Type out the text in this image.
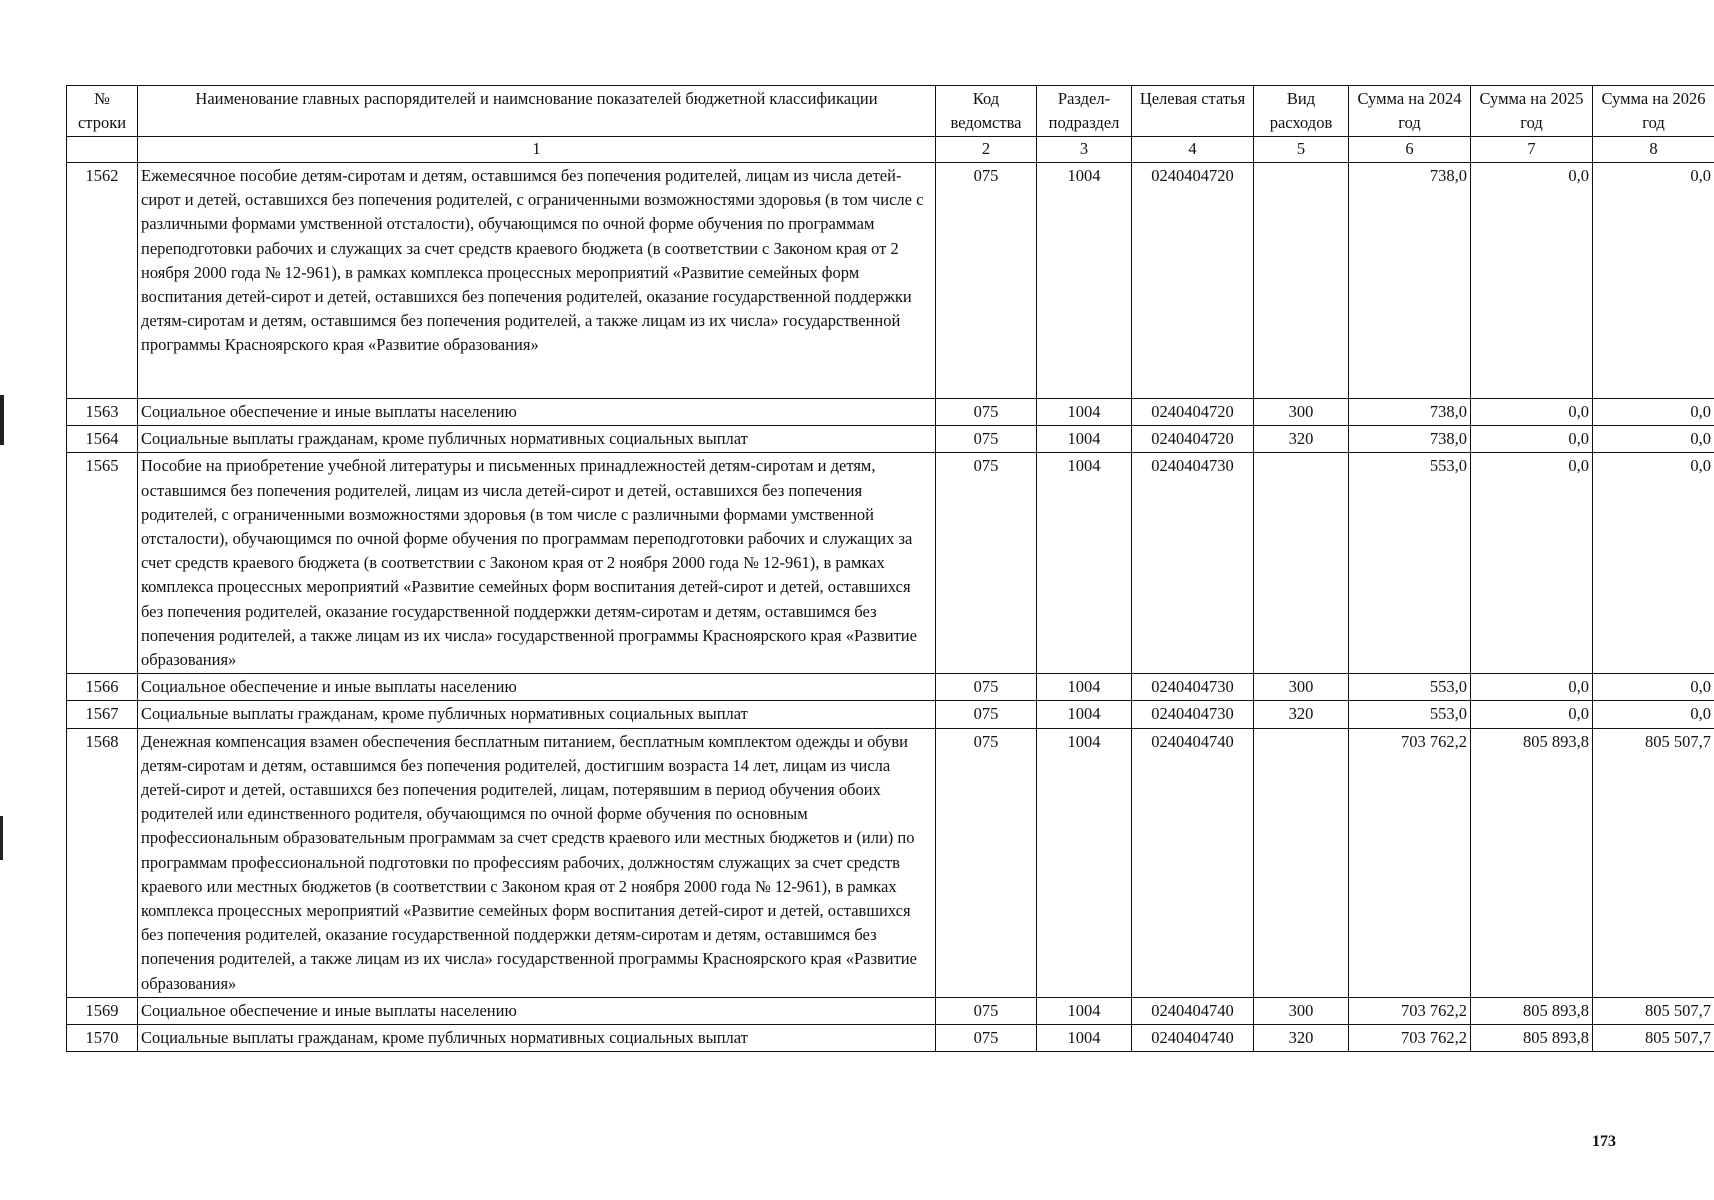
№ строки	Наименование главных распорядителей и наимснование показателей бюджетной классификации	Код ведомства	Раздел-подраздел	Целевая статья	Вид расходов	Сумма на 2024 год	Сумма на 2025 год	Сумма на 2026 год
	1	2	3	4	5	6	7	8
1562	Ежемесячное пособие детям-сиротам и детям, оставшимся без попечения родителей, лицам из числа детей-сирот и детей, оставшихся без попечения родителей, с ограниченными возможностями здоровья (в том числе с различными формами умственной отсталости), обучающимся по очной форме обучения по программам переподготовки рабочих и служащих за счет средств краевого бюджета (в соответствии с Законом края от 2 ноября 2000 года № 12-961), в рамках комплекса процессных мероприятий «Развитие семейных форм воспитания детей-сирот и детей, оставшихся без попечения родителей, оказание государственной поддержки детям-сиротам и детям, оставшимся без попечения родителей, а также лицам из их числа» государственной программы Красноярского края «Развитие образования»	075	1004	0240404720		738,0	0,0	0,0
1563	Социальное обеспечение и иные выплаты населению	075	1004	0240404720	300	738,0	0,0	0,0
1564	Социальные выплаты гражданам, кроме публичных нормативных социальных выплат	075	1004	0240404720	320	738,0	0,0	0,0
1565	Пособие на приобретение учебной литературы и письменных принадлежностей детям-сиротам и детям, оставшимся без попечения родителей, лицам из числа детей-сирот и детей, оставшихся без попечения родителей, с ограниченными возможностями здоровья (в том числе с различными формами умственной отсталости), обучающимся по очной форме обучения по программам переподготовки рабочих и служащих за счет средств краевого бюджета (в соответствии с Законом края от 2 ноября 2000 года № 12-961), в рамках комплекса процессных мероприятий «Развитие семейных форм воспитания детей-сирот и детей, оставшихся без попечения родителей, оказание государственной поддержки детям-сиротам и детям, оставшимся без попечения родителей, а также лицам из их числа» государственной программы Красноярского края «Развитие образования»	075	1004	0240404730		553,0	0,0	0,0
1566	Социальное обеспечение и иные выплаты населению	075	1004	0240404730	300	553,0	0,0	0,0
1567	Социальные выплаты гражданам, кроме публичных нормативных социальных выплат	075	1004	0240404730	320	553,0	0,0	0,0
1568	Денежная компенсация взамен обеспечения бесплатным питанием, бесплатным комплектом одежды и обуви детям-сиротам и детям, оставшимся без попечения родителей, достигшим возраста 14 лет, лицам из числа детей-сирот и детей, оставшихся без попечения родителей, лицам, потерявшим в период обучения обоих родителей или единственного родителя, обучающимся по очной форме обучения по основным профессиональным образовательным программам за счет средств краевого или местных бюджетов и (или) по программам профессиональной подготовки по профессиям рабочих, должностям служащих за счет средств краевого или местных бюджетов (в соответствии с Законом края от 2 ноября 2000 года № 12-961), в рамках комплекса процессных мероприятий «Развитие семейных форм воспитания детей-сирот и детей, оставшихся без попечения родителей, оказание государственной поддержки детям-сиротам и детям, оставшимся без попечения родителей, а также лицам из их числа» государственной программы Красноярского края «Развитие образования»	075	1004	0240404740		703 762,2	805 893,8	805 507,7
1569	Социальное обеспечение и иные выплаты населению	075	1004	0240404740	300	703 762,2	805 893,8	805 507,7
1570	Социальные выплаты гражданам, кроме публичных нормативных социальных выплат	075	1004	0240404740	320	703 762,2	805 893,8	805 507,7
173
